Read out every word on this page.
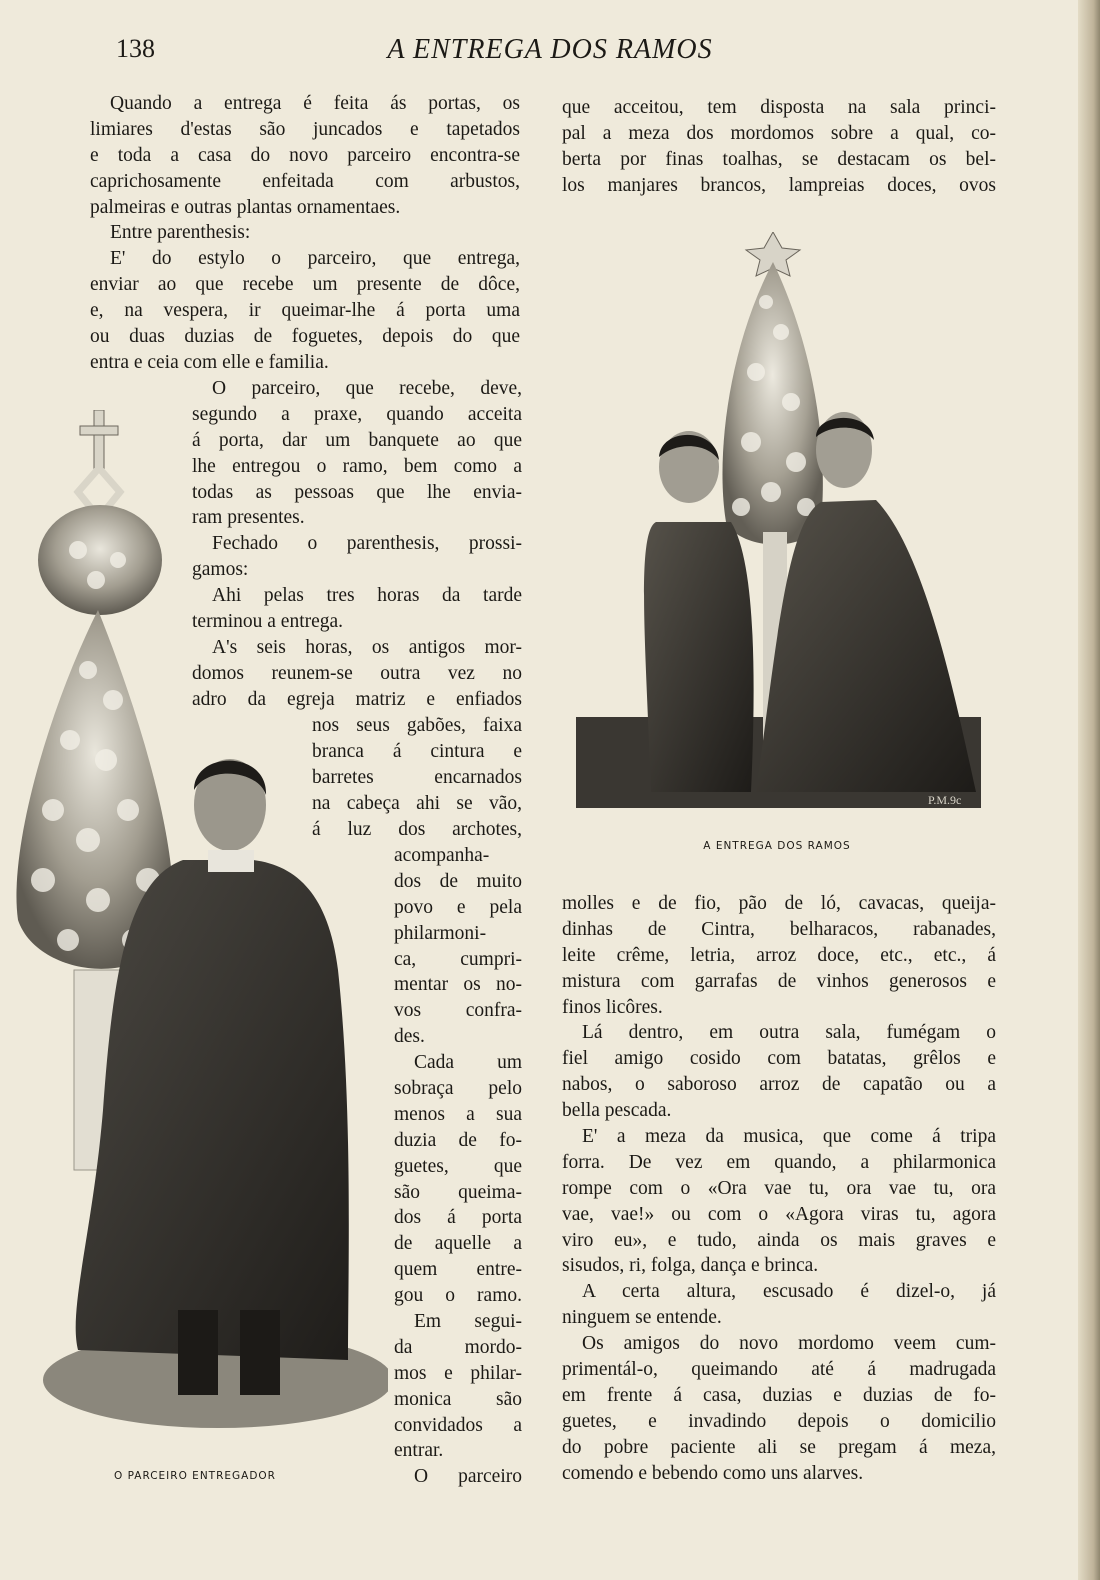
138	A ENTREGA DOS RAMOS
Quando a entrega é feita ás portas, os
limiares d'estas são juncados e tapetados
e toda a casa do novo parceiro encontra-se
caprichosamente enfeitada com arbustos,
palmeiras e outras plantas ornamentaes.
Entre parenthesis:
E' do estylo o parceiro, que entrega,
enviar ao que recebe um presente de dôce,
e, na vespera, ir queimar-lhe á porta uma
ou duas duzias de foguetes, depois do que
entra e ceia com elle e familia.
O parceiro, que recebe, deve,
segundo a praxe, quando acceita
á porta, dar um banquete ao que
lhe entregou o ramo, bem como a
todas as pessoas que lhe envia-
ram presentes.
Fechado o parenthesis, prossi-
gamos:
Ahi pelas tres horas da tarde
terminou a entrega.
A's seis horas, os antigos mor-
domos reunem-se outra vez no
adro da egreja matriz e enfiados
nos seus gabões, faixa
branca á cintura e
barretes encarnados
na cabeça ahi se vão,
á luz dos archotes,
acompanha-
dos de muito
povo e pela
philarmoni-
ca, cumpri-
mentar os no-
vos confra-
des.
Cada um
sobraça pelo
menos a sua
duzia de fo-
guetes, que
são queima-
dos á porta
de aquelle a
quem entre-
gou o ramo.
Em segui-
da mordo-
mos e philar-
monica são
convidados a
entrar.
O parceiro
O PARCEIRO ENTREGADOR
que acceitou, tem disposta na sala princi-
pal a meza dos mordomos sobre a qual, co-
berta por finas toalhas, se destacam os bel-
los manjares brancos, lampreias doces, ovos
P.M.9c
A ENTREGA DOS RAMOS
molles e de fio, pão de ló, cavacas, queija-
dinhas de Cintra, belharacos, rabanades,
leite crême, letria, arroz doce, etc., etc., á
mistura com garrafas de vinhos generosos e
finos licôres.
Lá dentro, em outra sala, fumégam o
fiel amigo cosido com batatas, grêlos e
nabos, o saboroso arroz de capatão ou a
bella pescada.
E' a meza da musica, que come á tripa
forra. De vez em quando, a philarmonica
rompe com o «Ora vae tu, ora vae tu, ora
vae, vae!» ou com o «Agora viras tu, agora
viro eu», e tudo, ainda os mais graves e
sisudos, ri, folga, dança e brinca.
A certa altura, escusado é dizel-o, já
ninguem se entende.
Os amigos do novo mordomo veem cum-
primentál-o, queimando até á madrugada
em frente á casa, duzias e duzias de fo-
guetes, e invadindo depois o domicilio
do pobre paciente ali se pregam á meza,
comendo e bebendo como uns alarves.
